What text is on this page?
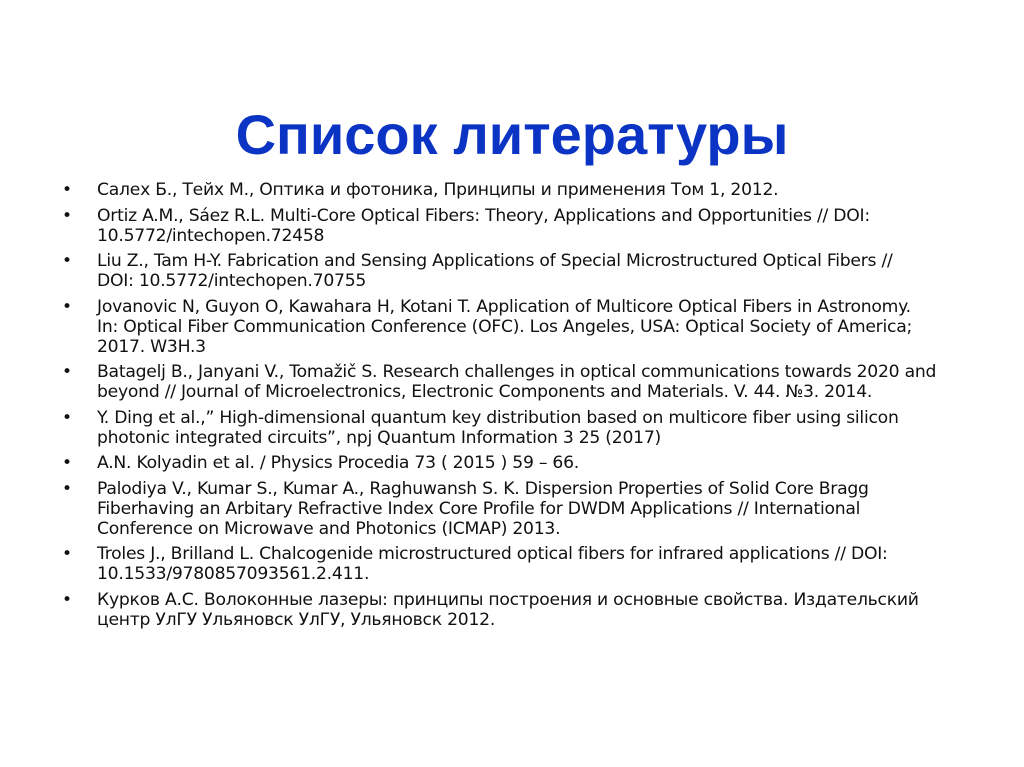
Список литературы
• Салех Б., Тейх М., Оптика и фотоника, Принципы и применения Том 1, 2012.
• Ortiz A.M., Sáez R.L. Multi-Core Optical Fibers: Theory, Applications and Opportunities // DOI:
10.5772/intechopen.72458
• Liu Z., Tam H-Y. Fabrication and Sensing Applications of Special Microstructured Optical Fibers //
DOI: 10.5772/intechopen.70755
• Jovanovic N, Guyon O, Kawahara H, Kotani T. Application of Multicore Optical Fibers in Astronomy.
In: Optical Fiber Communication Conference (OFC). Los Angeles, USA: Optical Society of America;
2017. W3H.3
• Batagelj B., Janyani V., Tomažič S. Research challenges in optical communications towards 2020 and
beyond // Journal of Microelectronics, Electronic Components and Materials. V. 44. №3. 2014.
• Y. Ding et al.,” High-dimensional quantum key distribution based on multicore fiber using silicon
photonic integrated circuits”, npj Quantum Information 3 25 (2017)
• A.N. Kolyadin et al. / Physics Procedia 73 ( 2015 ) 59 – 66.
• Palodiya V., Kumar S., Kumar A., Raghuwansh S. K. Dispersion Properties of Solid Core Bragg
Fiberhaving an Arbitary Refractive Index Core Profile for DWDM Applications // International
Conference on Microwave and Photonics (ICMAP) 2013.
• Troles J., Brilland L. Chalcogenide microstructured optical fibers for infrared applications // DOI:
10.1533/9780857093561.2.411.
• Курков А.С. Волоконные лазеры: принципы построения и основные свойства. Издательский
центр УлГУ Ульяновск УлГУ, Ульяновск 2012.
